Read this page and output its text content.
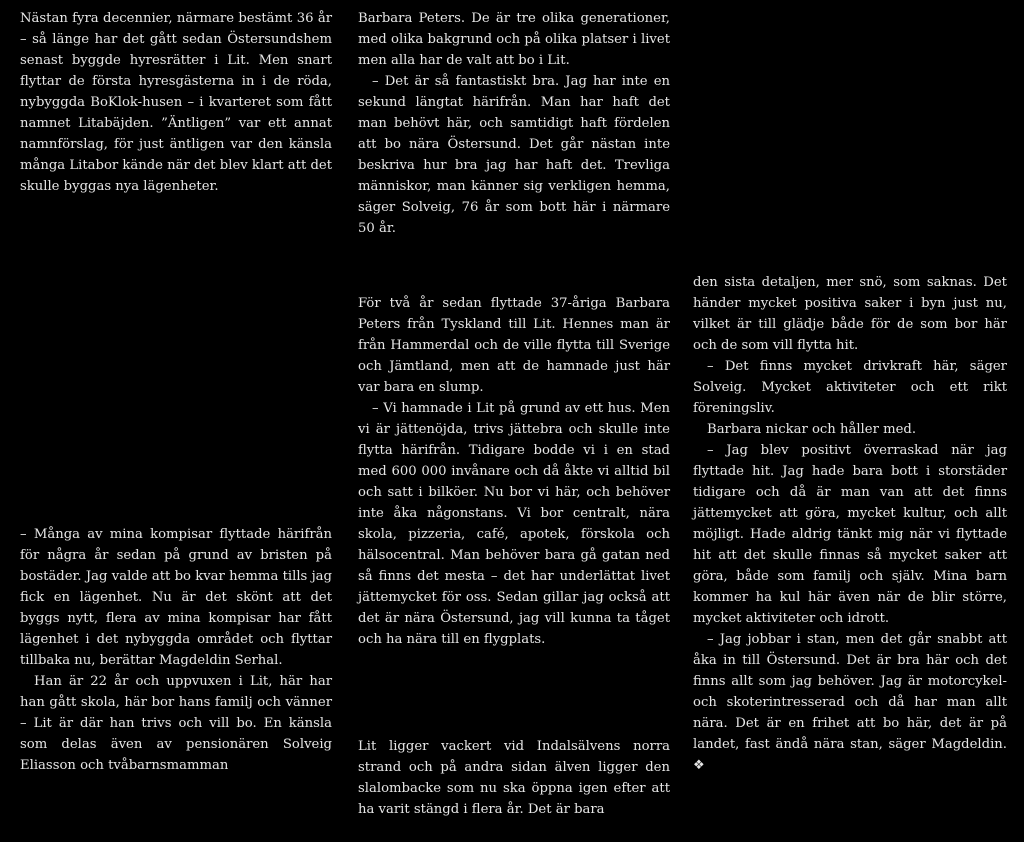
Nästan fyra decennier, närmare bestämt 36 år – så länge har det gått sedan Östersundshem senast byggde hyresrätter i Lit. Men snart flyttar de första hyresgästerna in i de röda, nybyggda BoKlok-husen – i kvarteret som fått namnet Litabäjden. ”Äntligen” var ett annat namnförslag, för just äntligen var den känsla många Litabor kände när det blev klart att det skulle byggas nya lägenheter.

– Många av mina kompisar flyttade härifrån för några år sedan på grund av bristen på bostäder. Jag valde att bo kvar hemma tills jag fick en lägenhet. Nu är det skönt att det byggs nytt, flera av mina kompisar har fått lägenhet i det nybyggda området och flyttar tillbaka nu, berättar Magdeldin Serhal.

Han är 22 år och uppvuxen i Lit, här har han gått skola, här bor hans familj och vänner – Lit är där han trivs och vill bo. En känsla som delas även av pensionären Solveig Eliasson och tvåbarnsmamman

Barbara Peters. De är tre olika generationer, med olika bakgrund och på olika platser i livet men alla har de valt att bo i Lit.

– Det är så fantastiskt bra. Jag har inte en sekund längtat härifrån. Man har haft det man behövt här, och samtidigt haft fördelen att bo nära Östersund. Det går nästan inte beskriva hur bra jag har haft det. Trevliga människor, man känner sig verkligen hemma, säger Solveig, 76 år som bott här i närmare 50 år.

För två år sedan flyttade 37-åriga Barbara Peters från Tyskland till Lit. Hennes man är från Hammerdal och de ville flytta till Sverige och Jämtland, men att de hamnade just här var bara en slump.

– Vi hamnade i Lit på grund av ett hus. Men vi är jättenöjda, trivs jättebra och skulle inte flytta härifrån. Tidigare bodde vi i en stad med 600 000 invånare och då åkte vi alltid bil och satt i bilköer. Nu bor vi här, och behöver inte åka någonstans. Vi bor centralt, nära skola, pizzeria, café, apotek, förskola och hälsocentral. Man behöver bara gå gatan ned så finns det mesta – det har underlättat livet jättemycket för oss. Sedan gillar jag också att det är nära Östersund, jag vill kunna ta tåget och ha nära till en flygplats.

Lit ligger vackert vid Indalsälvens norra strand och på andra sidan älven ligger den slalombacke som nu ska öppna igen efter att ha varit stängd i flera år. Det är bara

den sista detaljen, mer snö, som saknas. Det händer mycket positiva saker i byn just nu, vilket är till glädje både för de som bor här och de som vill flytta hit.

– Det finns mycket drivkraft här, säger Solveig. Mycket aktiviteter och ett rikt föreningsliv.

Barbara nickar och håller med.

– Jag blev positivt överraskad när jag flyttade hit. Jag hade bara bott i storstäder tidigare och då är man van att det finns jättemycket att göra, mycket kultur, och allt möjligt. Hade aldrig tänkt mig när vi flyttade hit att det skulle finnas så mycket saker att göra, både som familj och själv. Mina barn kommer ha kul här även när de blir större, mycket aktiviteter och idrott.

– Jag jobbar i stan, men det går snabbt att åka in till Östersund. Det är bra här och det finns allt som jag behöver. Jag är motorcykel- och skoterintresserad och då har man allt nära. Det är en frihet att bo här, det är på landet, fast ändå nära stan, säger Magdeldin. ❖
